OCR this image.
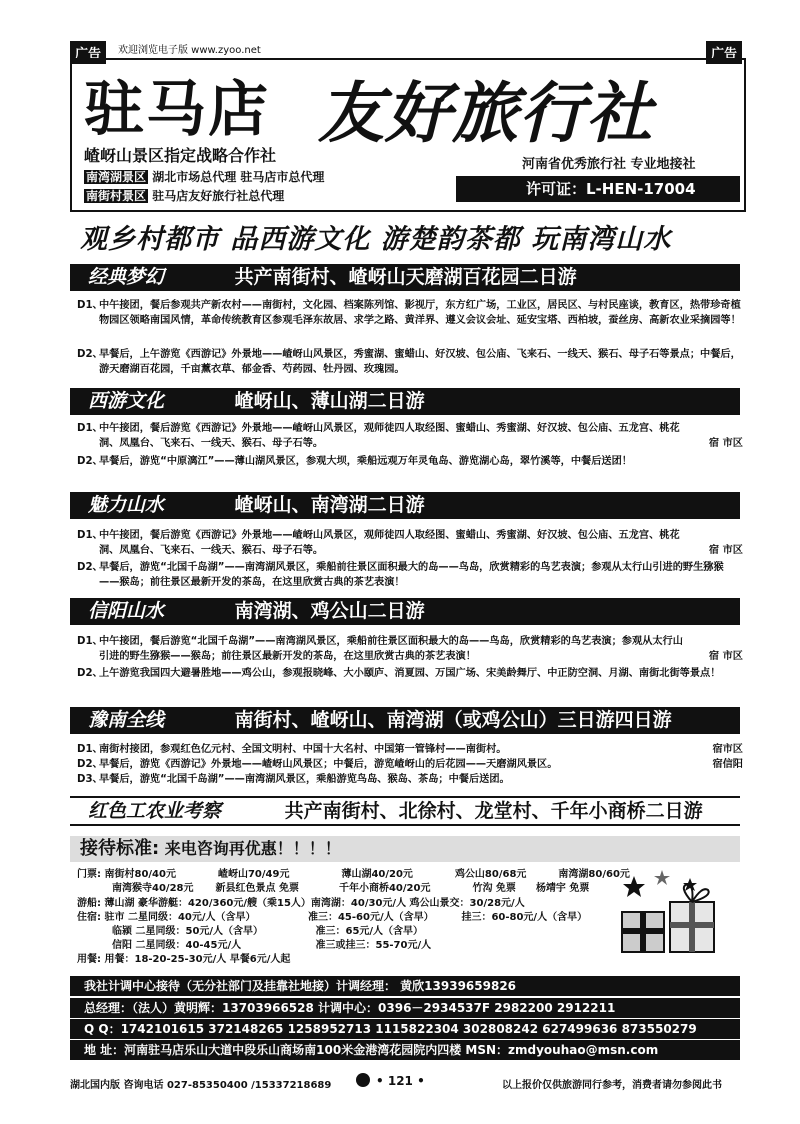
广告	欢迎浏览电子版 www.zyoo.net	广告
驻马店 友好旅行社
嵖岈山景区指定战略合作社
南湾湖景区 湖北市场总代理 驻马店市总代理
南街村景区 驻马店友好旅行社总代理
河南省优秀旅行社 专业地接社
许可证：L-HEN-17004
观乡村都市 品西游文化 游楚韵茶都 玩南湾山水
经典梦幻	共产南街村、嵖岈山天磨湖百花园二日游
D1、
中午接团，餐后参观共产新农村——南街村，文化园、档案陈列馆、影视厅，东方红广场，工业区，居民区、与村民座谈，教育区，热带珍奇植物园区领略南国风情，革命传统教育区参观毛泽东故居、求学之路、黄洋界、遵义会议会址、延安宝塔、西柏坡，蚕丝房、高新农业采摘园等！
D2、
早餐后，上午游览《西游记》外景地——嵖岈山风景区，秀蜜湖、蜜蜡山、好汉坡、包公庙、飞来石、一线天、猴石、母子石等景点；中餐后，游天磨湖百花园，千亩薰衣草、郁金香、芍药园、牡丹园、玫瑰园。
西游文化	嵖岈山、薄山湖二日游
D1、
中午接团，餐后游览《西游记》外景地——嵖岈山风景区，观师徒四人取经图、蜜蜡山、秀蜜湖、好汉坡、包公庙、五龙宫、桃花洞、凤凰台、飞来石、一线天、猴石、母子石等。	宿 市区
D2、
早餐后，游览“中原漓江”——薄山湖风景区，参观大坝，乘船远观万年灵龟岛、游览湖心岛，翠竹溪等，中餐后送团！
魅力山水	嵖岈山、南湾湖二日游
D1、
中午接团，餐后游览《西游记》外景地——嵖岈山风景区，观师徒四人取经图、蜜蜡山、秀蜜湖、好汉坡、包公庙、五龙宫、桃花洞、凤凰台、飞来石、一线天、猴石、母子石等。	宿 市区
D2、
早餐后，游览“北国千岛湖”——南湾湖风景区，乘船前往景区面积最大的岛——鸟岛，欣赏精彩的鸟艺表演；参观从太行山引进的野生猕猴——猴岛；前往景区最新开发的茶岛，在这里欣赏古典的茶艺表演！
信阳山水	南湾湖、鸡公山二日游
D1、
中午接团，餐后游览“北国千岛湖”——南湾湖风景区，乘船前往景区面积最大的岛——鸟岛，欣赏精彩的鸟艺表演；参观从太行山引进的野生猕猴——猴岛；前往景区最新开发的茶岛，在这里欣赏古典的茶艺表演！	宿 市区
D2、
上午游览我国四大避暑胜地——鸡公山，参观报晓峰、大小颐庐、消夏园、万国广场、宋美龄舞厅、中正防空洞、月湖、南街北街等景点！
豫南全线	南街村、嵖岈山、南湾湖（或鸡公山）三日游四日游
D1、
南街村接团，参观红色亿元村、全国文明村、中国十大名村、中国第一管锋村——南街村。	宿市区
D2、
早餐后，游览《西游记》外景地——嵖岈山风景区；中餐后，游览嵖岈山的后花园——天磨湖风景区。	宿信阳
D3、
早餐后，游览“北国千岛湖”——南湾湖风景区，乘船游览鸟岛、猴岛、茶岛；中餐后送团。
红色工农业考察	共产南街村、北徐村、龙堂村、千年小商桥二日游
接待标准: 来电咨询再优惠！！！！
门票: 南街村80/40元	嵖岈山70/49元	薄山湖40/20元	鸡公山80/68元	南湾湖80/60元
南湾猴寺40/28元 新县红色景点 免票	千年小商桥40/20元	竹沟 免票 杨靖宇 免票
游船: 薄山湖 豪华游艇：420/360元/艘（乘15人）南湾湖：40/30元/人 鸡公山景交：30/28元/人
住宿: 驻市 二星同级：40元/人（含早）	准三：45-60元/人（含早）	挂三：60-80元/人（含早）
临颍 二星同级：50元/人（含早）	准三：65元/人（含早）
信阳 二星同级：40-45元/人	准三或挂三：55-70元/人
用餐: 用餐：18-20-25-30元/人 早餐6元/人起
我社计调中心接待（无分社部门及挂靠社地接）计调经理： 黄欣13939659826
总经理：（法人）黄明辉：13703966528 计调中心：0396－2934537F 2982200 2912211
Q Q：1742101615 372148265 1258952713 1115822304 302808242 627499636 873550279
地 址：河南驻马店乐山大道中段乐山商场南100米金港湾花园院内四楼 MSN：zmdyouhao@msn.com
湖北国内版 咨询电话 027-85350400 /15337218689	• 121 •	以上报价仅供旅游同行参考，消费者请勿参阅此书
